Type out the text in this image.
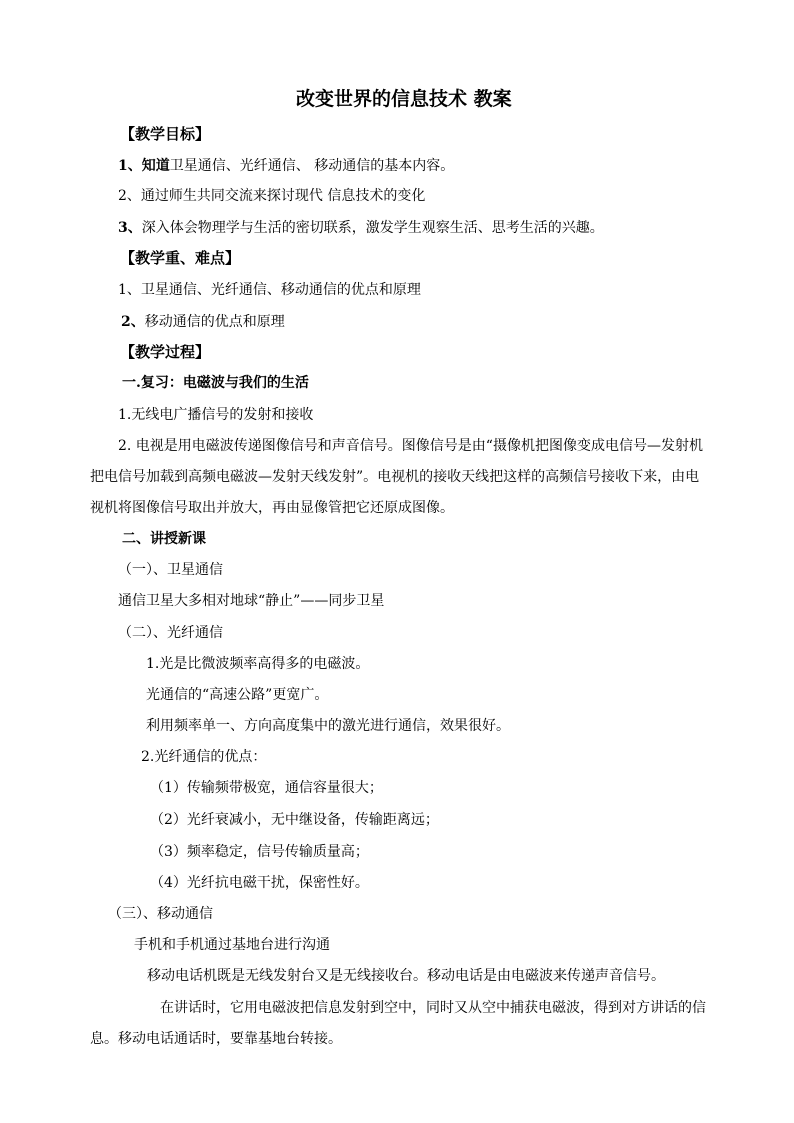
改变世界的信息技术 教案
【教学目标】
1、知道卫星通信、光纤通信、 移动通信的基本内容。
2、通过师生共同交流来探讨现代 信息技术的变化
3、深入体会物理学与生活的密切联系，激发学生观察生活、思考生活的兴趣。
【教学重、难点】
1、卫星通信、光纤通信、移动通信的优点和原理
2、移动通信的优点和原理
【教学过程】
一.复习：电磁波与我们的生活
1.无线电广播信号的发射和接收
2. 电视是用电磁波传递图像信号和声音信号。图像信号是由“摄像机把图像变成电信号—发射机把电信号加载到高频电磁波—发射天线发射”。电视机的接收天线把这样的高频信号接收下来，由电视机将图像信号取出并放大，再由显像管把它还原成图像。
二、讲授新课
（一）、卫星通信
通信卫星大多相对地球“静止”——同步卫星
（二）、光纤通信
1.光是比微波频率高得多的电磁波。
光通信的“高速公路”更宽广。
利用频率单一、方向高度集中的激光进行通信，效果很好。
2.光纤通信的优点：
（1）传输频带极宽，通信容量很大；
（2）光纤衰减小，无中继设备，传输距离远；
（3）频率稳定，信号传输质量高；
（4）光纤抗电磁干扰，保密性好。
（三）、移动通信
手机和手机通过基地台进行沟通
移动电话机既是无线发射台又是无线接收台。移动电话是由电磁波来传递声音信号。
在讲话时，它用电磁波把信息发射到空中，同时又从空中捕获电磁波，得到对方讲话的信息。移动电话通话时，要靠基地台转接。
